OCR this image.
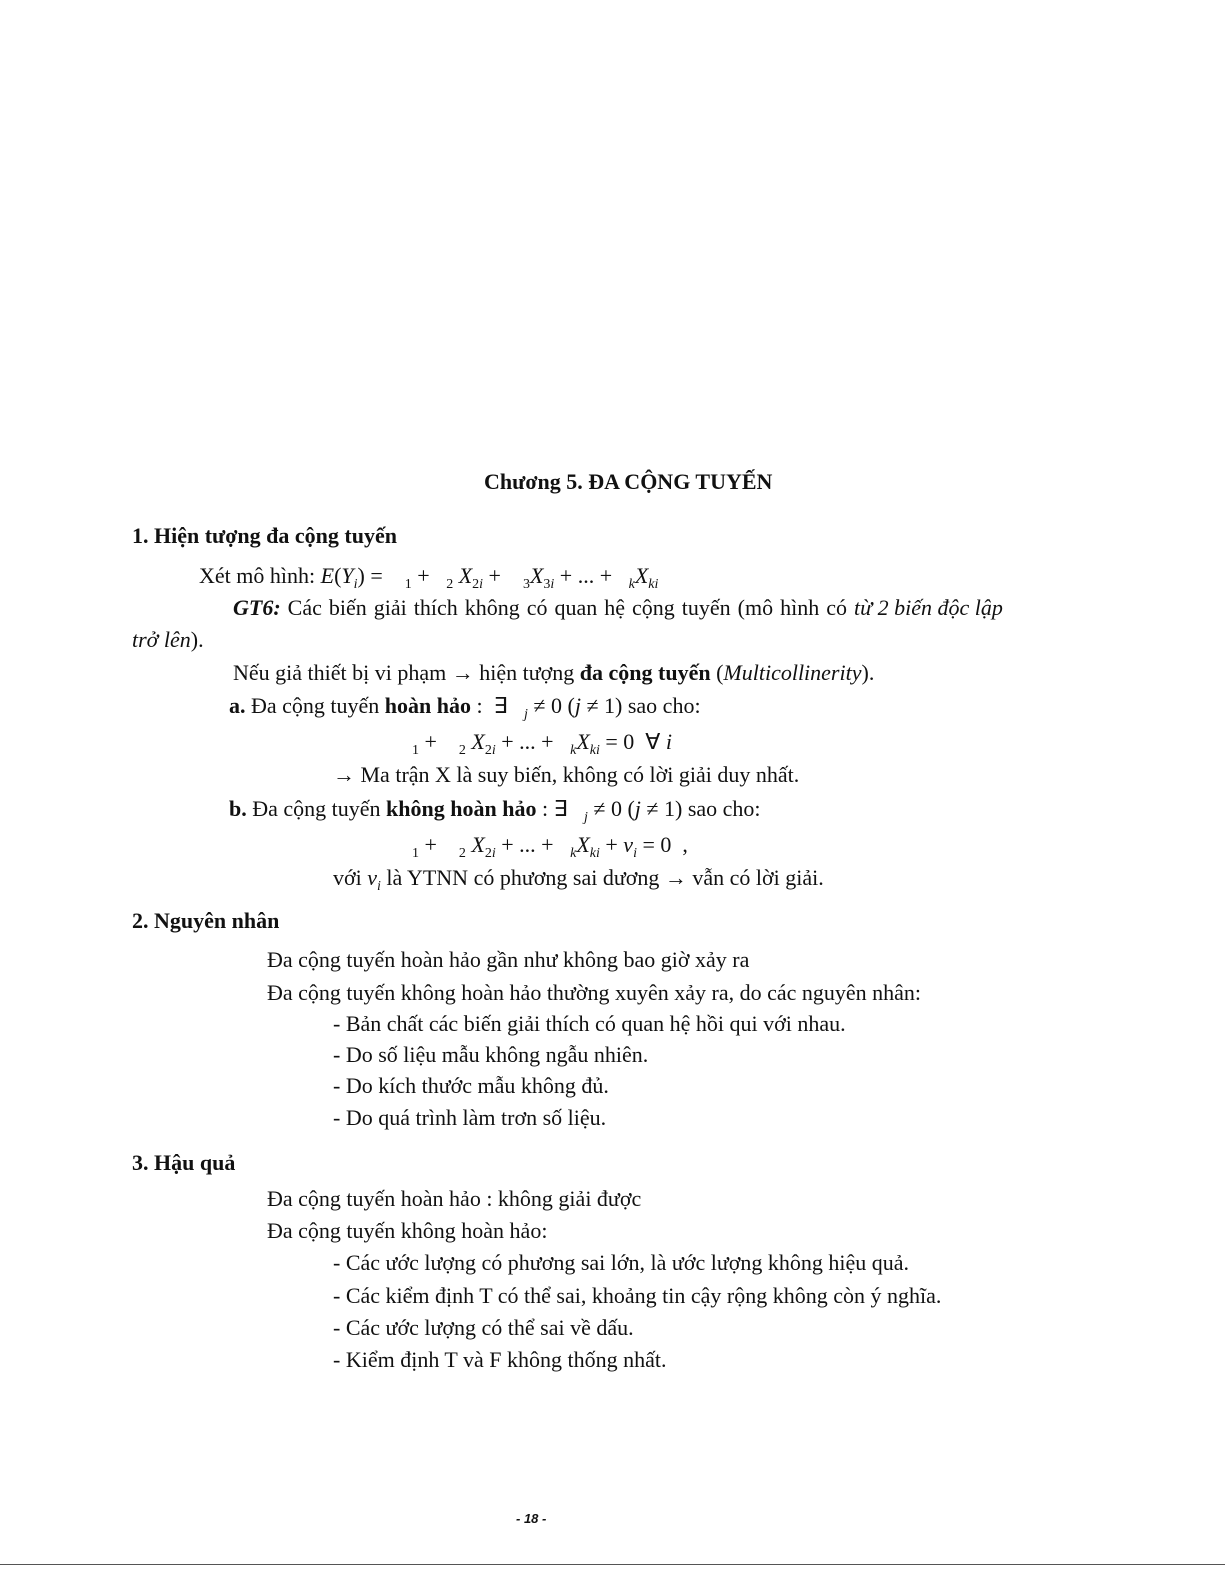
Chương 5. ĐA CỘNG TUYẾN
1. Hiện tượng đa cộng tuyến
Xét mô hình: $E(Y_i)$ =    $_1$ +   $_2$ $X_{2i}$ +    $_3X_{3i}$ + ... +   $_kX_{ki}$
GT6: Các biến giải thích không có quan hệ cộng tuyến (mô hình có từ 2 biến độc lập
trở lên).
Nếu giả thiết bị vi phạm → hiện tượng đa cộng tuyến (Multicollinerity).
a. Đa cộng tuyến hoàn hảo :  ∃   $_j$ ≠ 0 (j ≠ 1) sao cho:
$_1$ +    $_2$ $X_{2i}$ + ... +   $_kX_{ki} = 0$  ∀ i
→ Ma trận X là suy biến, không có lời giải duy nhất.
b. Đa cộng tuyến không hoàn hảo : ∃   $_j$ ≠ 0 (j ≠ 1) sao cho:
$_1$ +    $_2$ $X_{2i}$ + ... +   $_kX_{ki} + v_i = 0$  ,
với $v_i$ là YTNN có phương sai dương → vẫn có lời giải.
2. Nguyên nhân
Đa cộng tuyến hoàn hảo gần như không bao giờ xảy ra
Đa cộng tuyến không hoàn hảo thường xuyên xảy ra, do các nguyên nhân:
- Bản chất các biến giải thích có quan hệ hồi qui với nhau.
- Do số liệu mẫu không ngẫu nhiên.
- Do kích thước mẫu không đủ.
- Do quá trình làm trơn số liệu.
3. Hậu quả
Đa cộng tuyến hoàn hảo : không giải được
Đa cộng tuyến không hoàn hảo:
- Các ước lượng có phương sai lớn, là ước lượng không hiệu quả.
- Các kiểm định T có thể sai, khoảng tin cậy rộng không còn ý nghĩa.
- Các ước lượng có thể sai về dấu.
- Kiểm định T và F không thống nhất.
- 18 -
